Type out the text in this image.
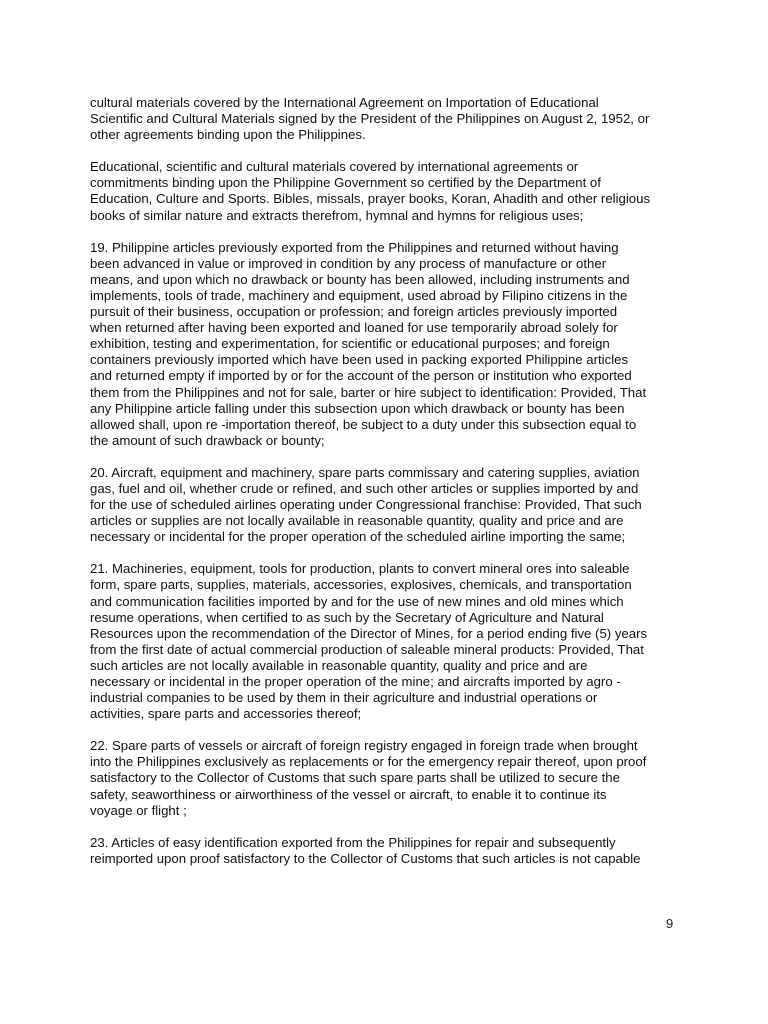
cultural materials covered by the International Agreement on Importation of Educational
Scientific and Cultural Materials signed by the President of the Philippines on August 2, 1952, or
other agreements binding upon the Philippines.

Educational, scientific and cultural materials covered by international agreements or
commitments binding upon the Philippine Government so certified by the Department of
Education, Culture and Sports. Bibles, missals, prayer books, Koran, Ahadith and other religious
books of similar nature and extracts therefrom, hymnal and hymns for religious uses;

19. Philippine articles previously exported from the Philippines and returned without having
been advanced in value or improved in condition by any process of manufacture or other
means, and upon which no drawback or bounty has been allowed, including instruments and
implements, tools of trade, machinery and equipment, used abroad by Filipino citizens in the
pursuit of their business, occupation or profession; and foreign articles previously imported
when returned after having been exported and loaned for use temporarily abroad solely for
exhibition, testing and experimentation, for scientific or educational purposes; and foreign
containers previously imported which have been used in packing exported Philippine articles
and returned empty if imported by or for the account of the person or institution who exported
them from the Philippines and not for sale, barter or hire subject to identification: Provided, That
any Philippine article falling under this subsection upon which drawback or bounty has been
allowed shall, upon re -importation thereof, be subject to a duty under this subsection equal to
the amount of such drawback or bounty;

20. Aircraft, equipment and machinery, spare parts commissary and catering supplies, aviation
gas, fuel and oil, whether crude or refined, and such other articles or supplies imported by and
for the use of scheduled airlines operating under Congressional franchise: Provided, That such
articles or supplies are not locally available in reasonable quantity, quality and price and are
necessary or incidental for the proper operation of the scheduled airline importing the same;

21. Machineries, equipment, tools for production, plants to convert mineral ores into saleable
form, spare parts, supplies, materials, accessories, explosives, chemicals, and transportation
and communication facilities imported by and for the use of new mines and old mines which
resume operations, when certified to as such by the Secretary of Agriculture and Natural
Resources upon the recommendation of the Director of Mines, for a period ending five (5) years
from the first date of actual commercial production of saleable mineral products: Provided, That
such articles are not locally available in reasonable quantity, quality and price and are
necessary or incidental in the proper operation of the mine; and aircrafts imported by agro -
industrial companies to be used by them in their agriculture and industrial operations or
activities, spare parts and accessories thereof;

22. Spare parts of vessels or aircraft of foreign registry engaged in foreign trade when brought
into the Philippines exclusively as replacements or for the emergency repair thereof, upon proof
satisfactory to the Collector of Customs that such spare parts shall be utilized to secure the
safety, seaworthiness or airworthiness of the vessel or aircraft, to enable it to continue its
voyage or flight ;

23. Articles of easy identification exported from the Philippines for repair and subsequently
reimported upon proof satisfactory to the Collector of Customs that such articles is not capable

9
